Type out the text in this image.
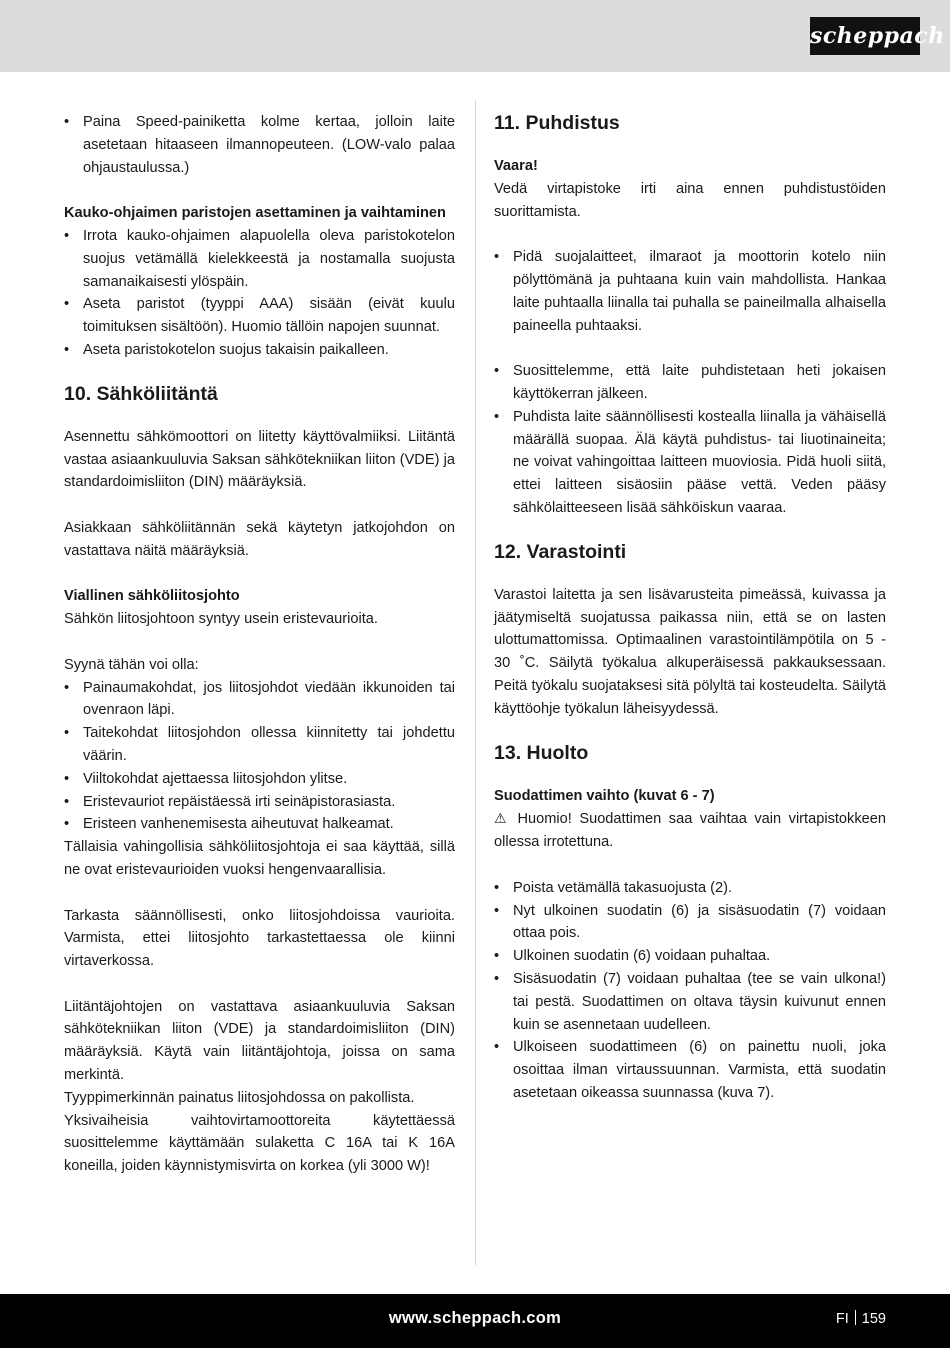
scheppach
• Paina Speed-painiketta kolme kertaa, jolloin laite asetetaan hitaaseen ilmannopeuteen. (LOW-valo palaa ohjaustaulussa.)

Kauko-ohjaimen paristojen asettaminen ja vaihtaminen

• Irrota kauko-ohjaimen alapuolella oleva paristokotelon suojus vetämällä kielekkeestä ja nostamalla suojusta samanaikaisesti ylöspäin.
• Aseta paristot (tyyppi AAA) sisään (eivät kuulu toimituksen sisältöön). Huomio tällöin napojen suunnat.
• Aseta paristokotelon suojus takaisin paikalleen.
10. Sähköliitäntä

Asennettu sähkömoottori on liitetty käyttövalmiiksi. Liitäntä vastaa asiaankuuluvia Saksan sähkötekniikan liiton (VDE) ja standardoimisliiton (DIN) määräyksiä.

Asiakkaan sähköliitännän sekä käytetyn jatkojohdon on vastattava näitä määräyksiä.

Viallinen sähköliitosjohto

Sähkön liitosjohtoon syntyy usein eristevaurioita.

Syynä tähän voi olla:

• Painaumakohdat, jos liitosjohdot viedään ikkunoiden tai ovenraon läpi.
• Taitekohdat liitosjohdon ollessa kiinnitetty tai johdettu väärin.
• Viiltokohdat ajettaessa liitosjohdon ylitse.
• Eristevauriot repäistäessä irti seinäpistorasiasta.
• Eristeen vanhenemisesta aiheutuvat halkeamat.

Tällaisia vahingollisia sähköliitosjohtoja ei saa käyttää, sillä ne ovat eristevaurioiden vuoksi hengenvaarallisia.

Tarkasta säännöllisesti, onko liitosjohdoissa vaurioita. Varmista, ettei liitosjohto tarkastettaessa ole kiinni virtaverkossa.

Liitäntäjohtojen on vastattava asiaankuuluvia Saksan sähkötekniikan liiton (VDE) ja standardoimisliiton (DIN) määräyksiä. Käytä vain liitäntäjohtoja, joissa on sama merkintä.

Tyyppimerkinnän painatus liitosjohdossa on pakollista.

Yksivaiheisia vaihtovirtamoottoreita käytettäessä suosittelemme käyttämään sulaketta C 16A tai K 16A koneilla, joiden käynnistymisvirta on korkea (yli 3000 W)!

11. Puhdistus

Vaara!

Vedä virtapistoke irti aina ennen puhdistustöiden suorittamista.

• Pidä suojalaitteet, ilmaraot ja moottorin kotelo niin pölyttömänä ja puhtaana kuin vain mahdollista. Hankaa laite puhtaalla liinalla tai puhalla se paineilmalla alhaisella paineella puhtaaksi.
• Suosittelemme, että laite puhdistetaan heti jokaisen käyttökerran jälkeen.
• Puhdista laite säännöllisesti kostealla liinalla ja vähäisellä määrällä suopaa. Älä käytä puhdistus- tai liuotinaineita; ne voivat vahingoittaa laitteen muoviosia. Pidä huoli siitä, ettei laitteen sisäosiin pääse vettä. Veden pääsy sähkölaitteeseen lisää sähköiskun vaaraa.
12. Varastointi

Varastoi laitetta ja sen lisävarusteita pimeässä, kuivassa ja jäätymiseltä suojatussa paikassa niin, että se on lasten ulottumattomissa. Optimaalinen varastointilämpötila on 5 - 30 ˚C. Säilytä työkalua alkuperäisessä pakkauksessaan. Peitä työkalu suojataksesi sitä pölyltä tai kosteudelta. Säilytä käyttöohje työkalun läheisyydessä.

13. Huolto

Suodattimen vaihto (kuvat 6 - 7)

⚠ Huomio! Suodattimen saa vaihtaa vain virtapistokkeen ollessa irrotettuna.

• Poista vetämällä takasuojusta (2).
• Nyt ulkoinen suodatin (6) ja sisäsuodatin (7) voidaan ottaa pois.
• Ulkoinen suodatin (6) voidaan puhaltaa.
• Sisäsuodatin (7) voidaan puhaltaa (tee se vain ulkona!) tai pestä. Suodattimen on oltava täysin kuivunut ennen kuin se asennetaan uudelleen.
• Ulkoiseen suodattimeen (6) on painettu nuoli, joka osoittaa ilman virtaussuunnan. Varmista, että suodatin asetetaan oikeassa suunnassa (kuva 7).
www.scheppach.com	FI 159
